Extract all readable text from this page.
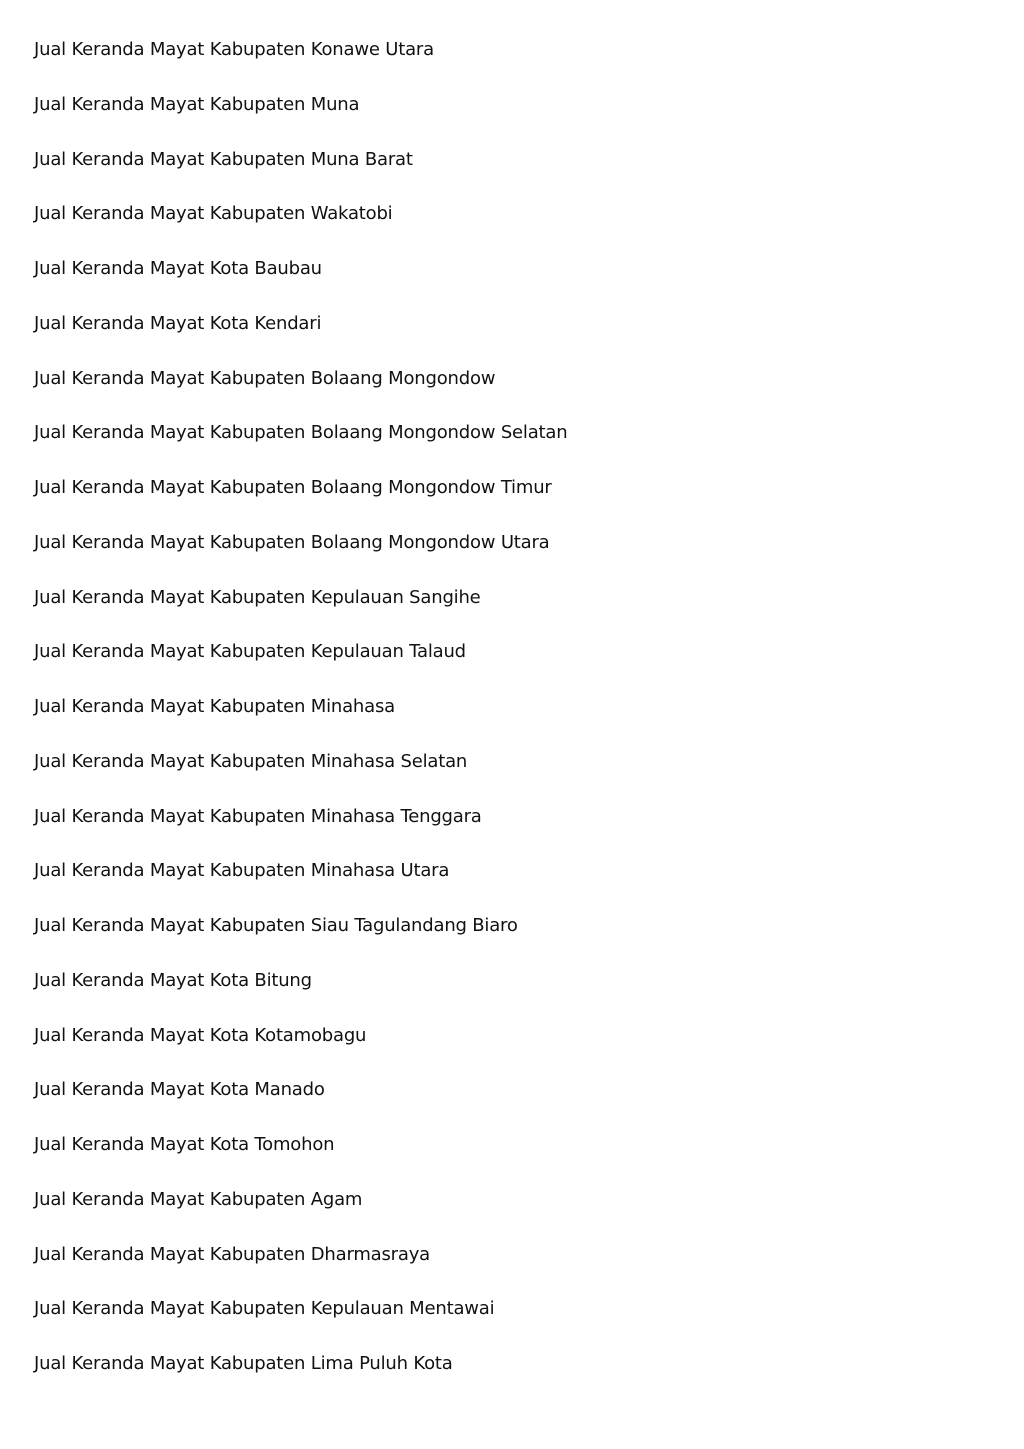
Jual Keranda Mayat Kabupaten Konawe Utara
Jual Keranda Mayat Kabupaten Muna
Jual Keranda Mayat Kabupaten Muna Barat
Jual Keranda Mayat Kabupaten Wakatobi
Jual Keranda Mayat Kota Baubau
Jual Keranda Mayat Kota Kendari
Jual Keranda Mayat Kabupaten Bolaang Mongondow
Jual Keranda Mayat Kabupaten Bolaang Mongondow Selatan
Jual Keranda Mayat Kabupaten Bolaang Mongondow Timur
Jual Keranda Mayat Kabupaten Bolaang Mongondow Utara
Jual Keranda Mayat Kabupaten Kepulauan Sangihe
Jual Keranda Mayat Kabupaten Kepulauan Talaud
Jual Keranda Mayat Kabupaten Minahasa
Jual Keranda Mayat Kabupaten Minahasa Selatan
Jual Keranda Mayat Kabupaten Minahasa Tenggara
Jual Keranda Mayat Kabupaten Minahasa Utara
Jual Keranda Mayat Kabupaten Siau Tagulandang Biaro
Jual Keranda Mayat Kota Bitung
Jual Keranda Mayat Kota Kotamobagu
Jual Keranda Mayat Kota Manado
Jual Keranda Mayat Kota Tomohon
Jual Keranda Mayat Kabupaten Agam
Jual Keranda Mayat Kabupaten Dharmasraya
Jual Keranda Mayat Kabupaten Kepulauan Mentawai
Jual Keranda Mayat Kabupaten Lima Puluh Kota
